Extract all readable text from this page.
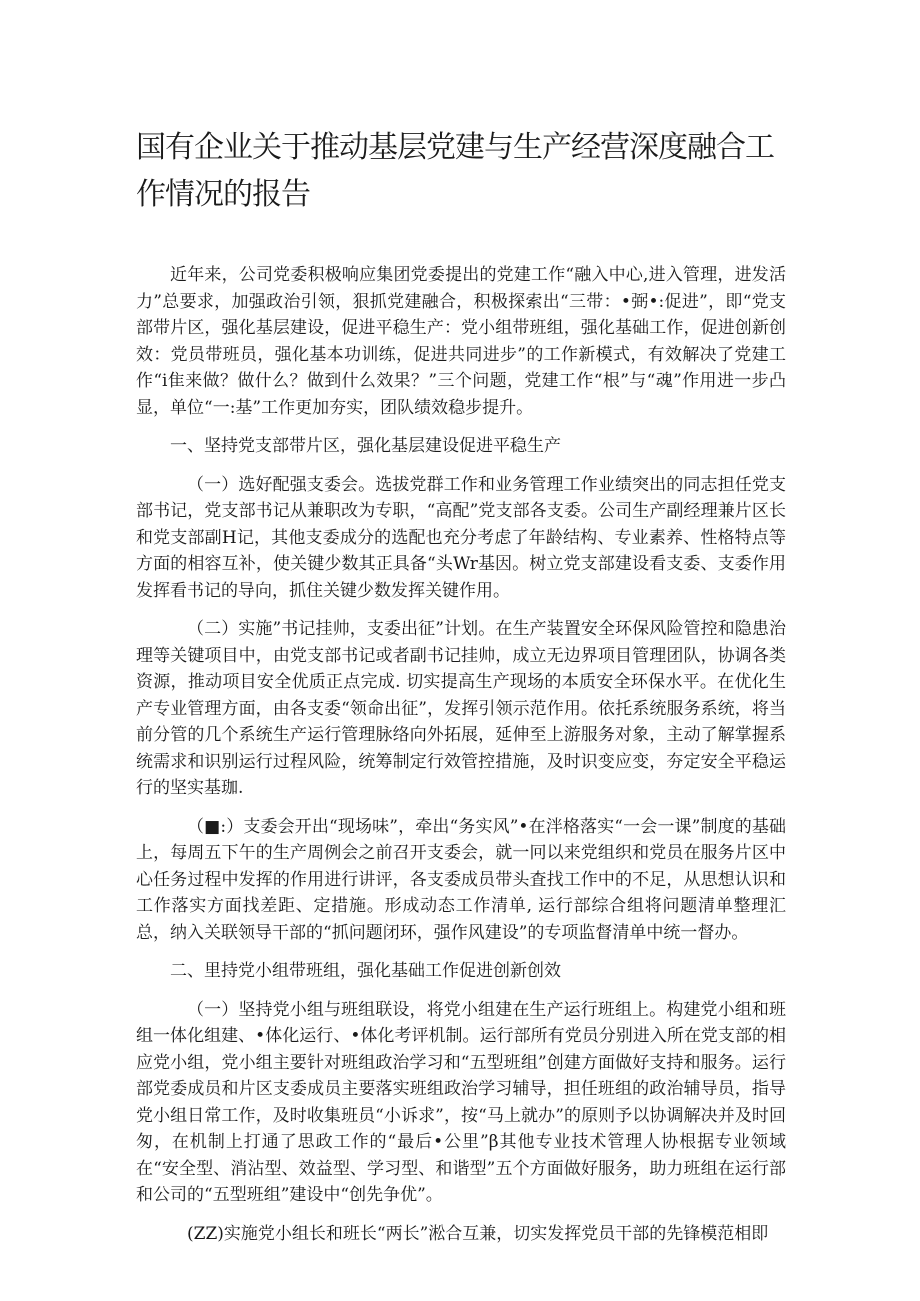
国有企业关于推动基层党建与生产经营深度融合工作情况的报告

近年来，公司党委积极响应集团党委提出的党建工作“融入中心,进入管理，进发活力”总要求，加强政治引领，狠抓党建融合，积极探索出“三带：•弼•:促进”，即“党支部带片区，强化基层建设，促进平稳生产：党小组带班组，强化基础工作，促进创新创效：党员带班员，强化基本功训练，促进共同进步”的工作新模式，有效解决了党建工作“i隹来做？做什么？做到什么效果？”三个问题，党建工作“根”与“魂”作用进一步凸显，单位“一:基”工作更加夯实，团队绩效稳步提升。

一、坚持党支部带片区，强化基层建设促进平稳生产

（一）选好配强支委会。选拔党群工作和业务管理工作业绩突出的同志担任党支部书记，党支部书记从兼职改为专职，“高配”党支部各支委。公司生产副经理兼片区长和党支部副H记，其他支委成分的选配也充分考虑了年龄结构、专业素养、性格特点等方面的相容互补，使关键少数其正具备“头Wr基因。树立党支部建设看支委、支委作用发挥看书记的导向，抓住关键少数发挥关键作用。

（二）实施”书记挂帅，支委出征”计划。在生产装置安全环保风险管控和隐患治理等关键项目中，由党支部书记或者副书记挂帅，成立无边界项目管理团队，协调各类资源，推动项目安全优质正点完成. 切实提高生产现场的本质安全环保水平。在优化生产专业管理方面，由各支委“领命出征”，发挥引领示范作用。依托系统服务系统，将当前分管的几个系统生产运行管理脉络向外拓展，延伸至上游服务对象，主动了解掌握系统需求和识别运行过程风险，统筹制定行效管控措施，及时识变应变，夯定安全平稳运行的坚实基珈.

（■:）支委会开出“现场味”，牵出“务实风”•在泮格落实“一会一课”制度的基础上，每周五下午的生产周例会之前召开支委会，就一冋以来党组织和党员在服务片区中心任务过程中发挥的作用进行讲评，各支委成员带头査找工作中的不足，从思想认识和工作落实方面找差距、定措施。形成动态工作清单, 运行部综合组将问题清单整理汇总，纳入关联领导干部的“抓问题闭环，强作风建设”的专项监督清单中统一督办。

二、里持党小组带班组，强化基础工作促进创新创效

（一）坚持党小组与班组联设，将党小组建在生产运行班组上。构建党小组和班组一体化组建、•体化运行、•体化考评机制。运行部所有党员分别进入所在党支部的相应党小组，党小组主要针对班组政治学习和“五型班组”创建方面做好支持和服务。运行部党委成员和片区支委成员主要落实班组政治学习辅导，担任班组的政治辅导员，指导党小组日常工作，及时收集班员“小诉求”，按“马上就办”的原则予以协调解决并及时回匆，在机制上打通了思政工作的“最后•公里”β其他专业技术管理人协根据专业领域在“安全型、消沾型、效益型、学习型、和谐型”五个方面做好服务，助力班组在运行部和公司的“五型班组”建设中“创先争优”。

(ZZ)实施党小组长和班长“两长”淞合互兼，切实发挥党员干部的先锋模范相即
